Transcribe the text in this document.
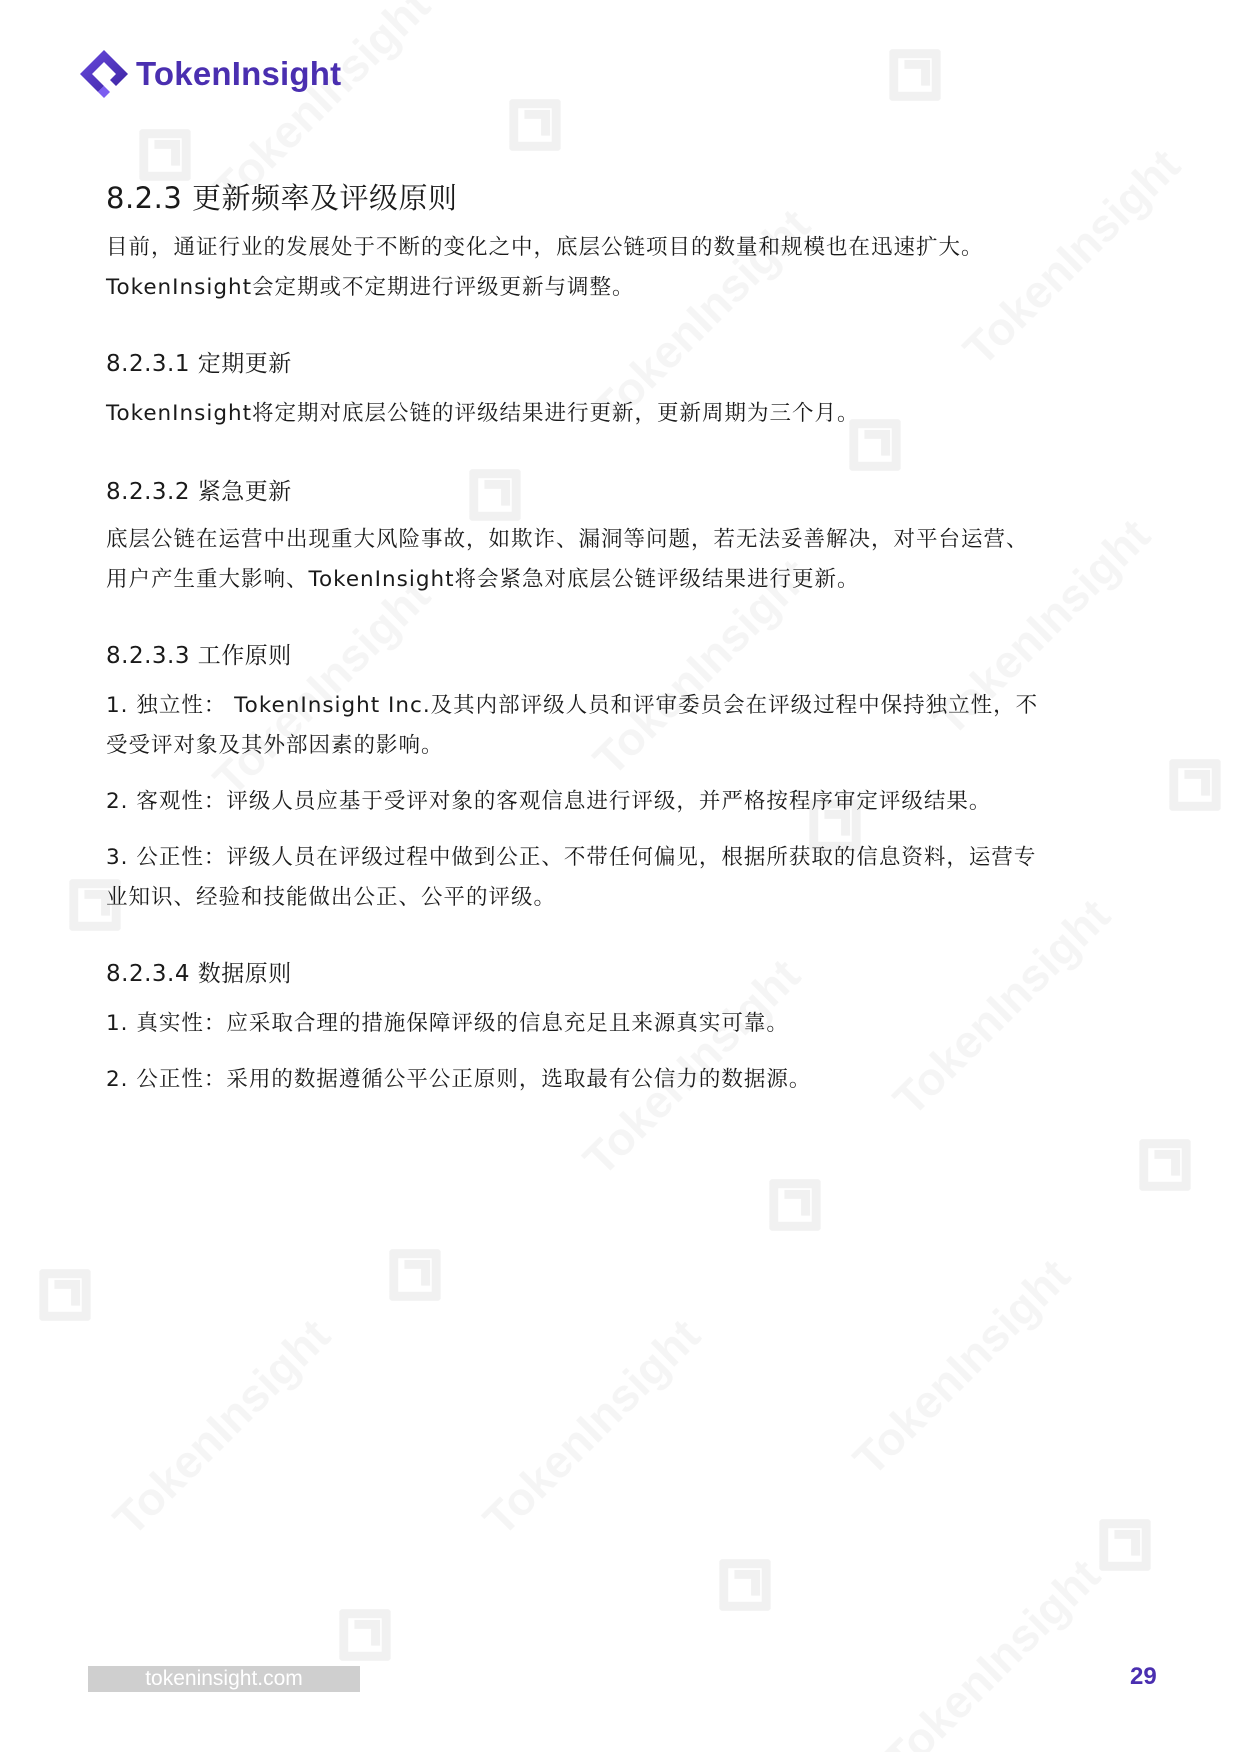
TokenInsight
8.2.3 更新频率及评级原则

目前，通证行业的发展处于不断的变化之中，底层公链项目的数量和规模也在迅速扩大。

TokenInsight会定期或不定期进行评级更新与调整。

8.2.3.1 定期更新

TokenInsight将定期对底层公链的评级结果进行更新，更新周期为三个月。

8.2.3.2 紧急更新

底层公链在运营中出现重大风险事故，如欺诈、漏洞等问题，若无法妥善解决，对平台运营、

用户产生重大影响、TokenInsight将会紧急对底层公链评级结果进行更新。

8.2.3.3 工作原则

1. 独立性： TokenInsight Inc.及其内部评级人员和评审委员会在评级过程中保持独立性，不

受受评对象及其外部因素的影响。

2. 客观性：评级人员应基于受评对象的客观信息进行评级，并严格按程序审定评级结果。

3. 公正性：评级人员在评级过程中做到公正、不带任何偏见，根据所获取的信息资料，运营专

业知识、经验和技能做出公正、公平的评级。

8.2.3.4 数据原则

1. 真实性：应采取合理的措施保障评级的信息充足且来源真实可靠。

2. 公正性：采用的数据遵循公平公正原则，选取最有公信力的数据源。

tokeninsight.com	29
